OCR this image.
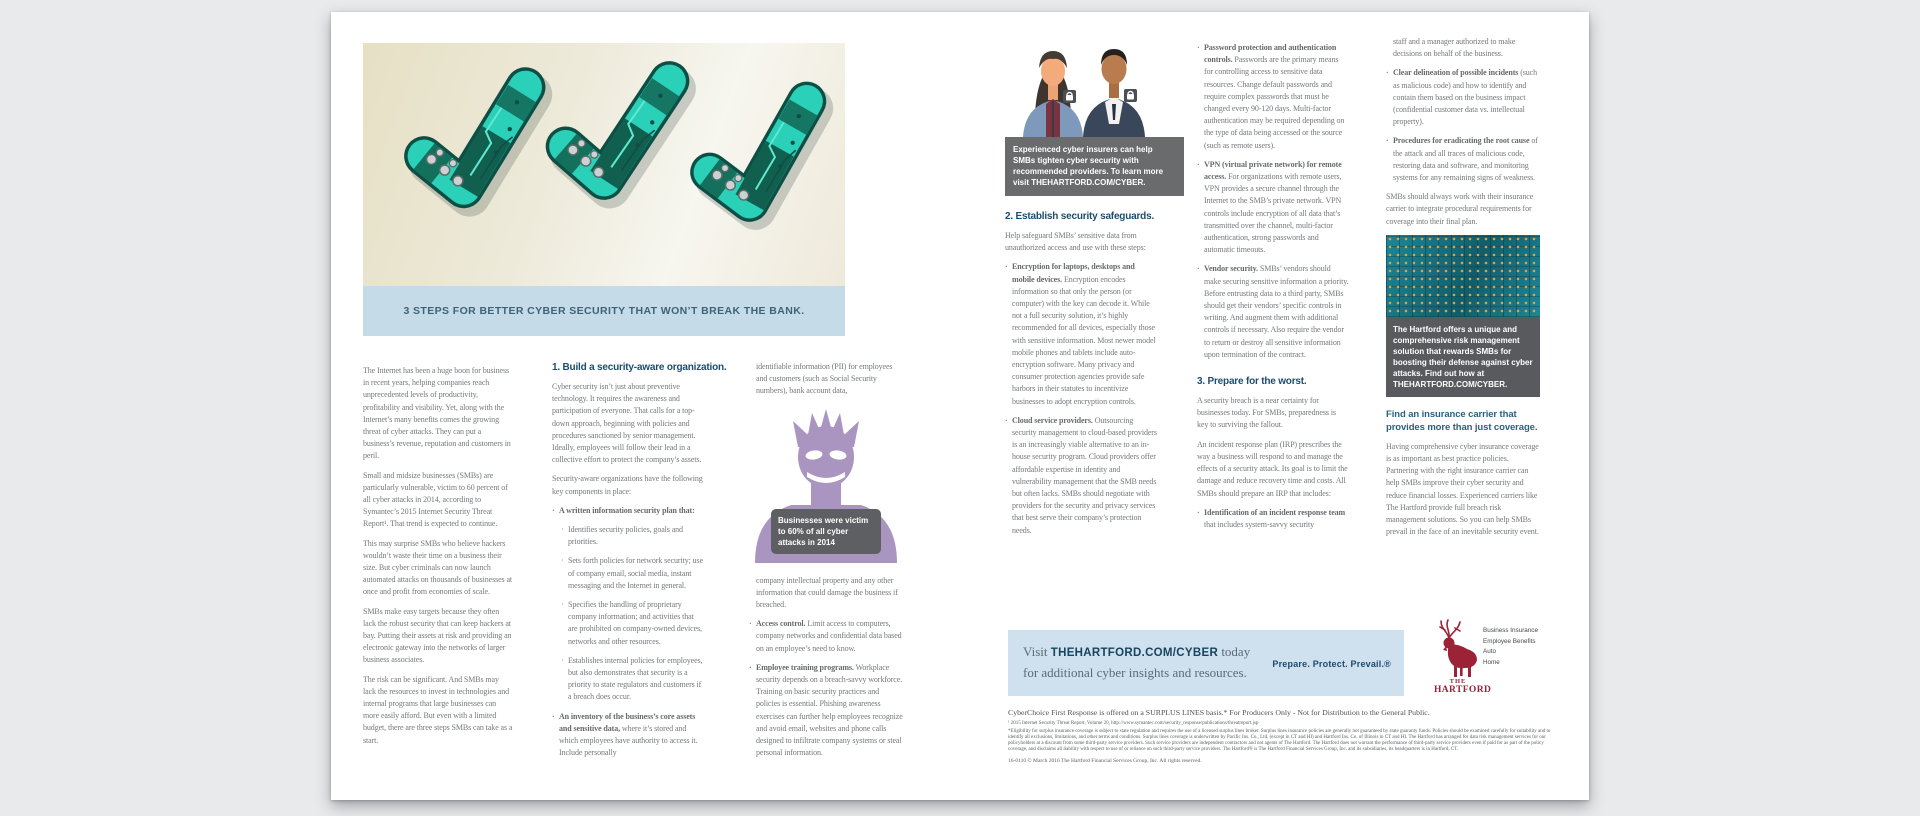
3 STEPS FOR BETTER CYBER SECURITY THAT WON’T BREAK THE BANK.

The Internet has been a huge boon for business in recent years, helping companies reach unprecedented levels of productivity, profitability and visibility. Yet, along with the Internet’s many benefits comes the growing threat of cyber attacks. They can put a business’s revenue, reputation and customers in peril.

Small and midsize businesses (SMBs) are particularly vulnerable, victim to 60 percent of all cyber attacks in 2014, according to Symantec’s 2015 Internet Security Threat Report¹. That trend is expected to continue.

This may surprise SMBs who believe hackers wouldn’t waste their time on a business their size. But cyber criminals can now launch automated attacks on thousands of businesses at once and profit from economies of scale.

SMBs make easy targets because they often lack the robust security that can keep hackers at bay. Putting their assets at risk and providing an electronic gateway into the networks of larger business associates.

The risk can be significant. And SMBs may lack the resources to invest in technologies and internal programs that large businesses can more easily afford. But even with a limited budget, there are three steps SMBs can take as a start.

1. Build a security-aware organization.

Cyber security isn’t just about preventive technology. It requires the awareness and participation of everyone. That calls for a top-down approach, beginning with policies and procedures sanctioned by senior management. Ideally, employees will follow their lead in a collective effort to protect the company’s assets.

Security-aware organizations have the following key components in place:

· A written information security plan that:
· Identifies security policies, goals and priorities.
· Sets forth policies for network security; use of company email, social media, instant messaging and the Internet in general.
· Specifies the handling of proprietary company information; and activities that are prohibited on company-owned devices, networks and other resources.
· Establishes internal policies for employees, but also demonstrates that security is a priority to state regulators and customers if a breach does occur.
· An inventory of the business’s core assets and sensitive data, where it’s stored and which employees have authority to access it. Include personally

identifiable information (PII) for employees and customers (such as Social Security numbers), bank account data,

Businesses were victim to 60% of all cyber attacks in 2014

company intellectual property and any other information that could damage the business if breached.

· Access control. Limit access to computers, company networks and confidential data based on an employee’s need to know.
· Employee training programs. Workplace security depends on a breach-savvy workforce. Training on basic security practices and policies is essential. Phishing awareness exercises can further help employees recognize and avoid email, websites and phone calls designed to infiltrate company systems or steal personal information.
Experienced cyber insurers can help SMBs tighten cyber security with recommended providers. To learn more visit THEHARTFORD.COM/CYBER.
2. Establish security safeguards.

Help safeguard SMBs’ sensitive data from unauthorized access and use with these steps:

· Encryption for laptops, desktops and mobile devices. Encryption encodes information so that only the person (or computer) with the key can decode it. While not a full security solution, it’s highly recommended for all devices, especially those with sensitive information. Most newer model mobile phones and tablets include auto-encryption software. Many privacy and consumer protection agencies provide safe harbors in their statutes to incentivize businesses to adopt encryption controls.
· Cloud service providers. Outsourcing security management to cloud-based providers is an increasingly viable alternative to an in-house security program. Cloud providers offer affordable expertise in identity and vulnerability management that the SMB needs but often lacks. SMBs should negotiate with providers for the security and privacy services that best serve their company’s protection needs.
· Password protection and authentication controls. Passwords are the primary means for controlling access to sensitive data resources. Change default passwords and require complex passwords that must be changed every 90-120 days. Multi-factor authentication may be required depending on the type of data being accessed or the source (such as remote users).
· VPN (virtual private network) for remote access. For organizations with remote users, VPN provides a secure channel through the Internet to the SMB’s private network. VPN controls include encryption of all data that’s transmitted over the channel, multi-factor authentication, strong passwords and automatic timeouts.
· Vendor security. SMBs’ vendors should make securing sensitive information a priority. Before entrusting data to a third party, SMBs should get their vendors’ specific controls in writing. And augment them with additional controls if necessary. Also require the vendor to return or destroy all sensitive information upon termination of the contract.
3. Prepare for the worst.

A security breach is a near certainty for businesses today. For SMBs, preparedness is key to surviving the fallout.

An incident response plan (IRP) prescribes the way a business will respond to and manage the effects of a security attack. Its goal is to limit the damage and reduce recovery time and costs. All SMBs should prepare an IRP that includes:

· Identification of an incident response team that includes system-savvy security

staff and a manager authorized to make decisions on behalf of the business.

· Clear delineation of possible incidents (such as malicious code) and how to identify and contain them based on the business impact (confidential customer data vs. intellectual property).
· Procedures for eradicating the root cause of the attack and all traces of malicious code, restoring data and software, and monitoring systems for any remaining signs of weakness.

SMBs should always work with their insurance carrier to integrate procedural requirements for coverage into their final plan.

The Hartford offers a unique and comprehensive risk management solution that rewards SMBs for boosting their defense against cyber attacks. Find out how at THEHARTFORD.COM/CYBER.
Find an insurance carrier that provides more than just coverage.

Having comprehensive cyber insurance coverage is as important as best practice policies. Partnering with the right insurance carrier can help SMBs improve their cyber security and reduce financial losses. Experienced carriers like The Hartford provide full breach risk management solutions. So you can help SMBs prevail in the face of an inevitable security event.

Visit THEHARTFORD.COM/CYBER today
for additional cyber insights and resources.
Prepare. Protect. Prevail.®
Business Insurance
Employee Benefits
Auto
Home
THE
HARTFORD
CyberChoice First Response is offered on a SURPLUS LINES basis.* For Producers Only - Not for Distribution to the General Public.
¹ 2015 Internet Security Threat Report, Volume 20, http://www.symantec.com/security_response/publications/threatreport.jsp
*Eligibility for surplus insurance coverage is subject to state regulation and requires the use of a licensed surplus lines broker. Surplus lines insurance policies are generally not guaranteed by state guaranty funds. Policies should be examined carefully for suitability and to identify all exclusions, limitations, and other terms and conditions. Surplus lines coverage is underwritten by Pacific Ins. Co., Ltd. (except in CT and HI) and Hartford Ins. Co. of Illinois in CT and HI. The Hartford has arranged for data risk management services for our policyholders at a discount from some third-party service providers. Such service providers are independent contractors and not agents of The Hartford. The Hartford does not warrant the performance of third-party service providers even if paid for as part of the policy coverage, and disclaims all liability with respect to use of or reliance on such third-party service providers. The Hartford® is The Hartford Financial Services Group, Inc. and its subsidiaries, its headquarters is in Hartford, CT.
16-0110 © March 2016 The Hartford Financial Services Group, Inc. All rights reserved.
